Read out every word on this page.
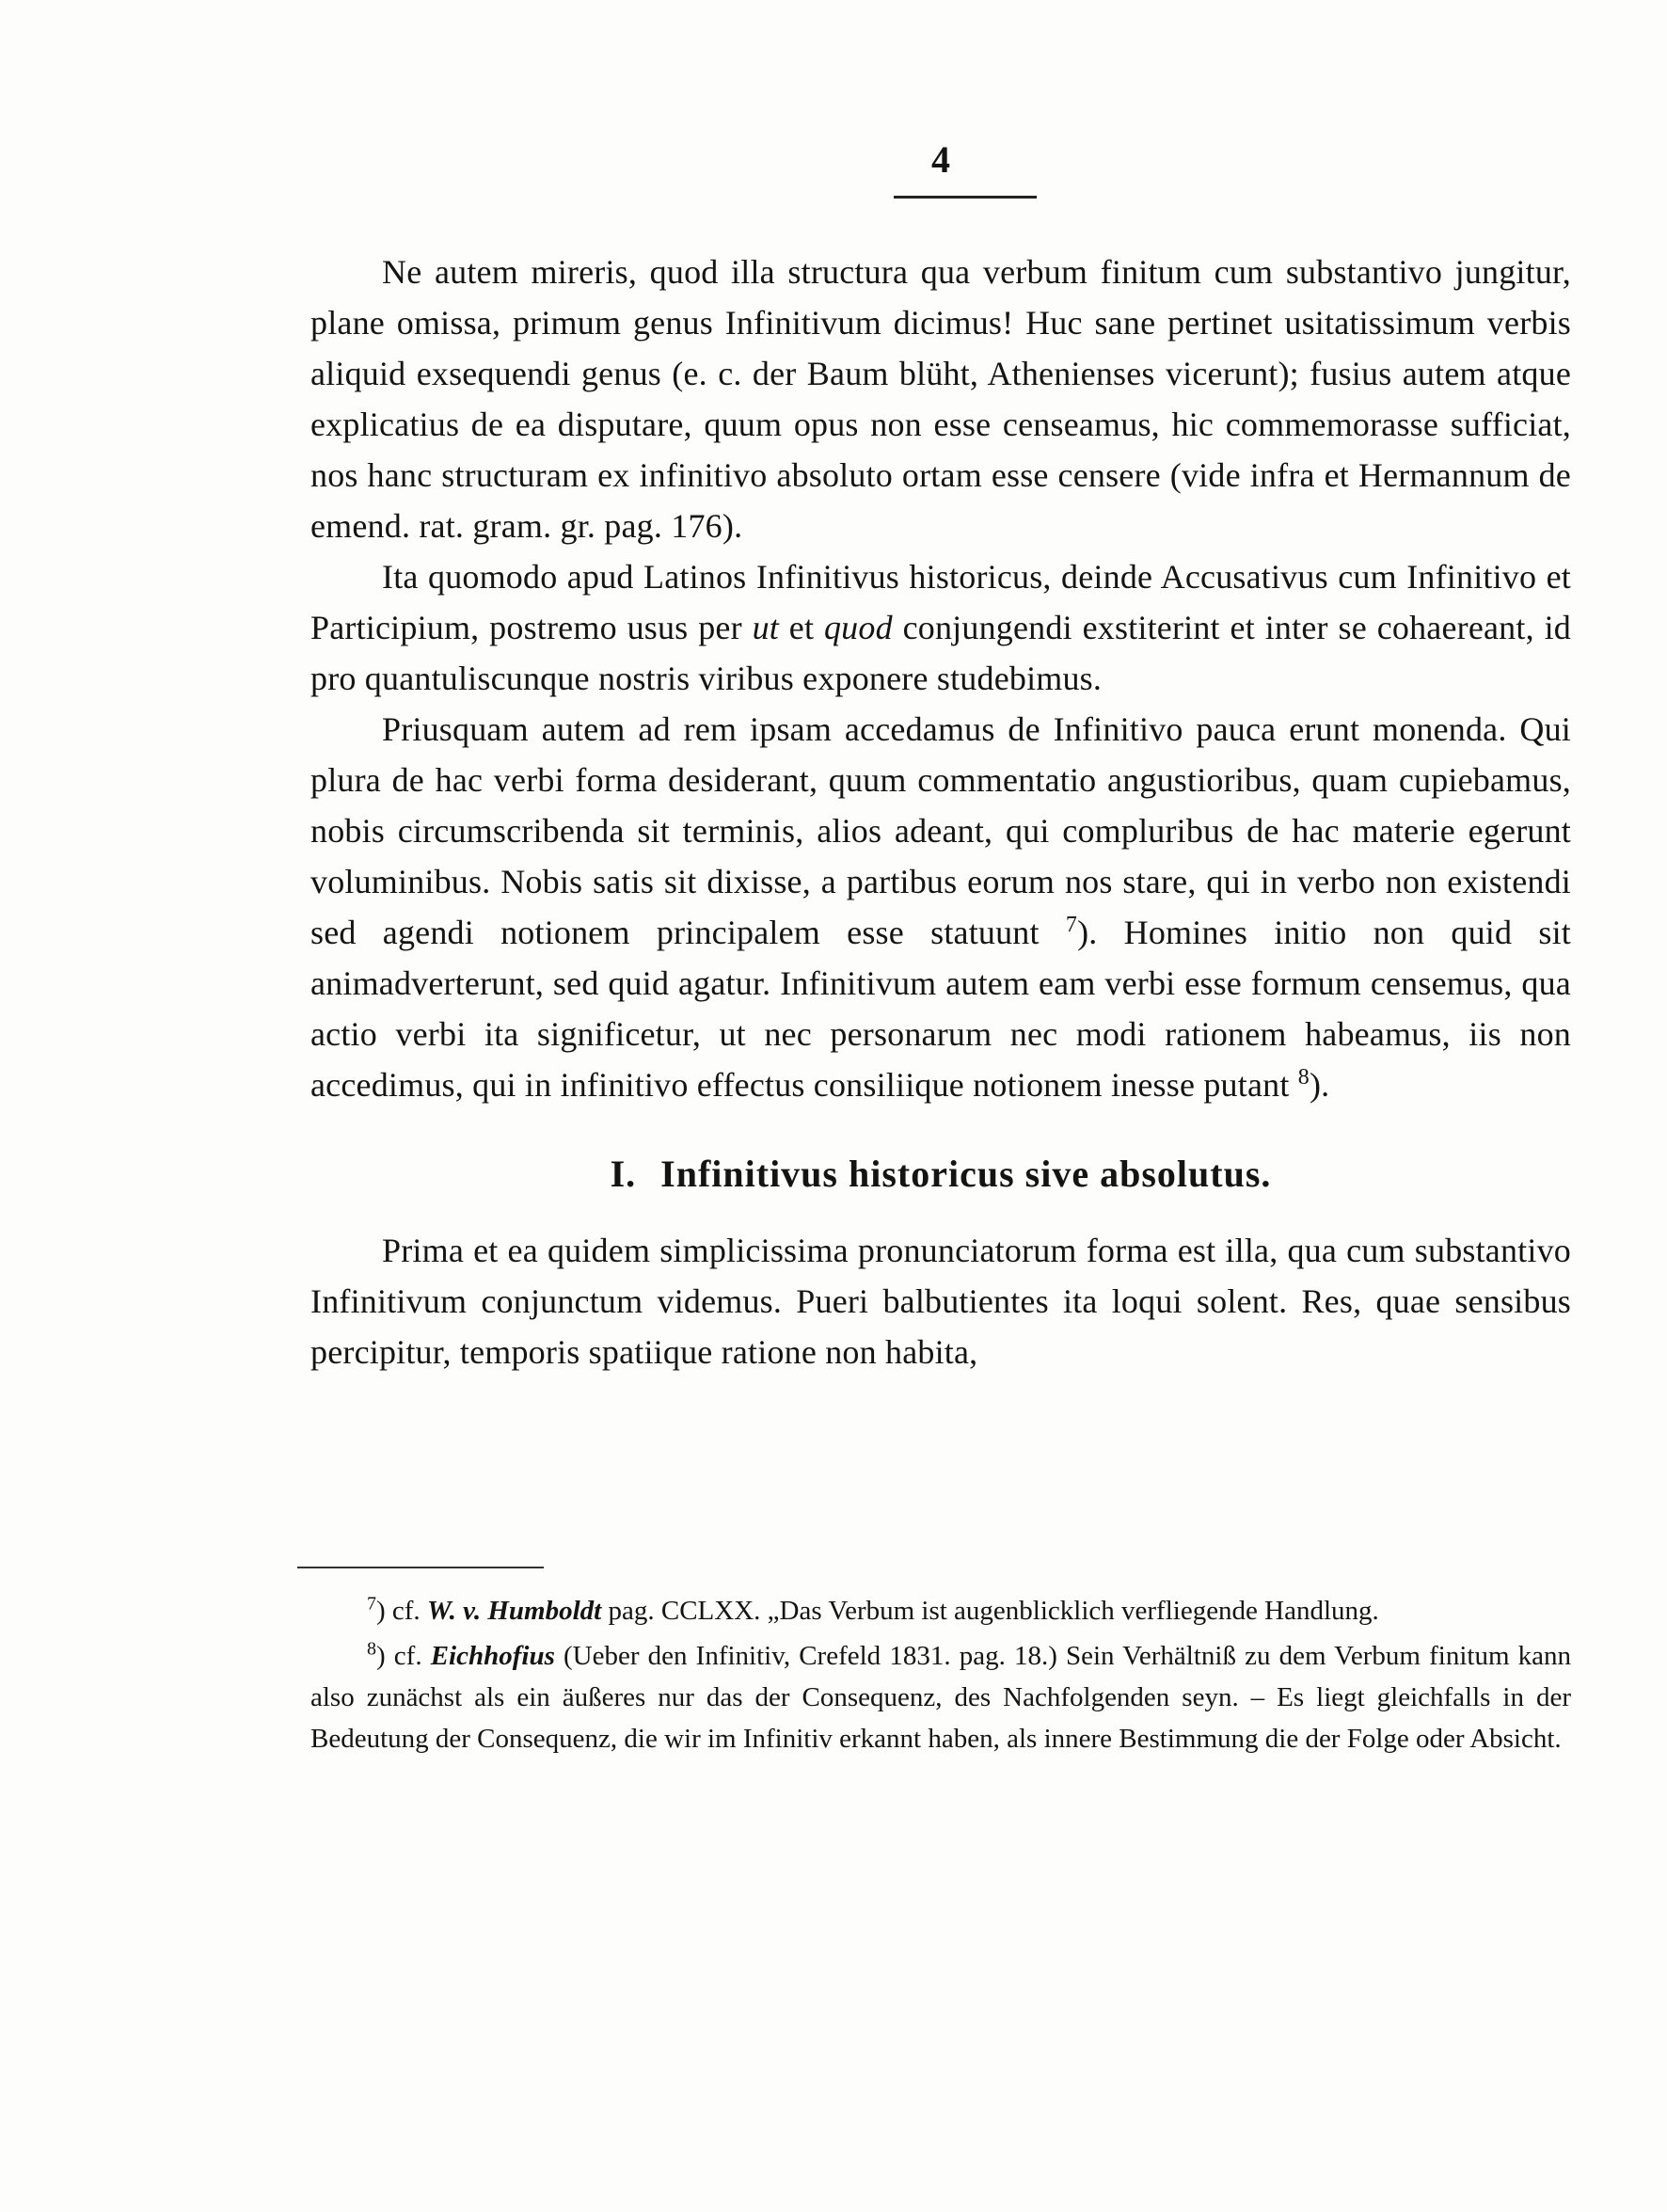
4

Ne autem mireris, quod illa structura qua verbum finitum cum substantivo jungitur, plane omissa, primum genus Infinitivum dicimus! Huc sane pertinet usitatissimum verbis aliquid exsequendi genus (e. c. der Baum blüht, Athenienses vicerunt); fusius autem atque explicatius de ea disputare, quum opus non esse censeamus, hic commemorasse sufficiat, nos hanc structuram ex infinitivo absoluto ortam esse censere (vide infra et Hermannum de emend. rat. gram. gr. pag. 176).

Ita quomodo apud Latinos Infinitivus historicus, deinde Accusativus cum Infinitivo et Participium, postremo usus per ut et quod conjungendi exstiterint et inter se cohaereant, id pro quantuliscunque nostris viribus exponere studebimus.

Priusquam autem ad rem ipsam accedamus de Infinitivo pauca erunt monenda. Qui plura de hac verbi forma desiderant, quum commentatio angustioribus, quam cupiebamus, nobis circumscribenda sit terminis, alios adeant, qui compluribus de hac materie egerunt voluminibus. Nobis satis sit dixisse, a partibus eorum nos stare, qui in verbo non existendi sed agendi notionem principalem esse statuunt $^7$). Homines initio non quid sit animadverterunt, sed quid agatur. Infinitivum autem eam verbi esse formum censemus, qua actio verbi ita significetur, ut nec personarum nec modi rationem habeamus, iis non accedimus, qui in infinitivo effectus consiliique notionem inesse putant $^8$).

I. Infinitivus historicus sive absolutus.

Prima et ea quidem simplicissima pronunciatorum forma est illa, qua cum substantivo Infinitivum conjunctum videmus. Pueri balbutientes ita loqui solent. Res, quae sensibus percipitur, temporis spatiique ratione non habita,

$^7$) cf. W. v. Humboldt pag. CCLXX. „Das Verbum ist augenblicklich verfliegende Handlung.

$^8$) cf. Eichhofius (Ueber den Infinitiv, Crefeld 1831. pag. 18.) Sein Verhältniß zu dem Verbum finitum kann also zunächst als ein äußeres nur das der Consequenz, des Nachfolgenden seyn. – Es liegt gleichfalls in der Bedeutung der Consequenz, die wir im Infinitiv erkannt haben, als innere Bestimmung die der Folge oder Absicht.
